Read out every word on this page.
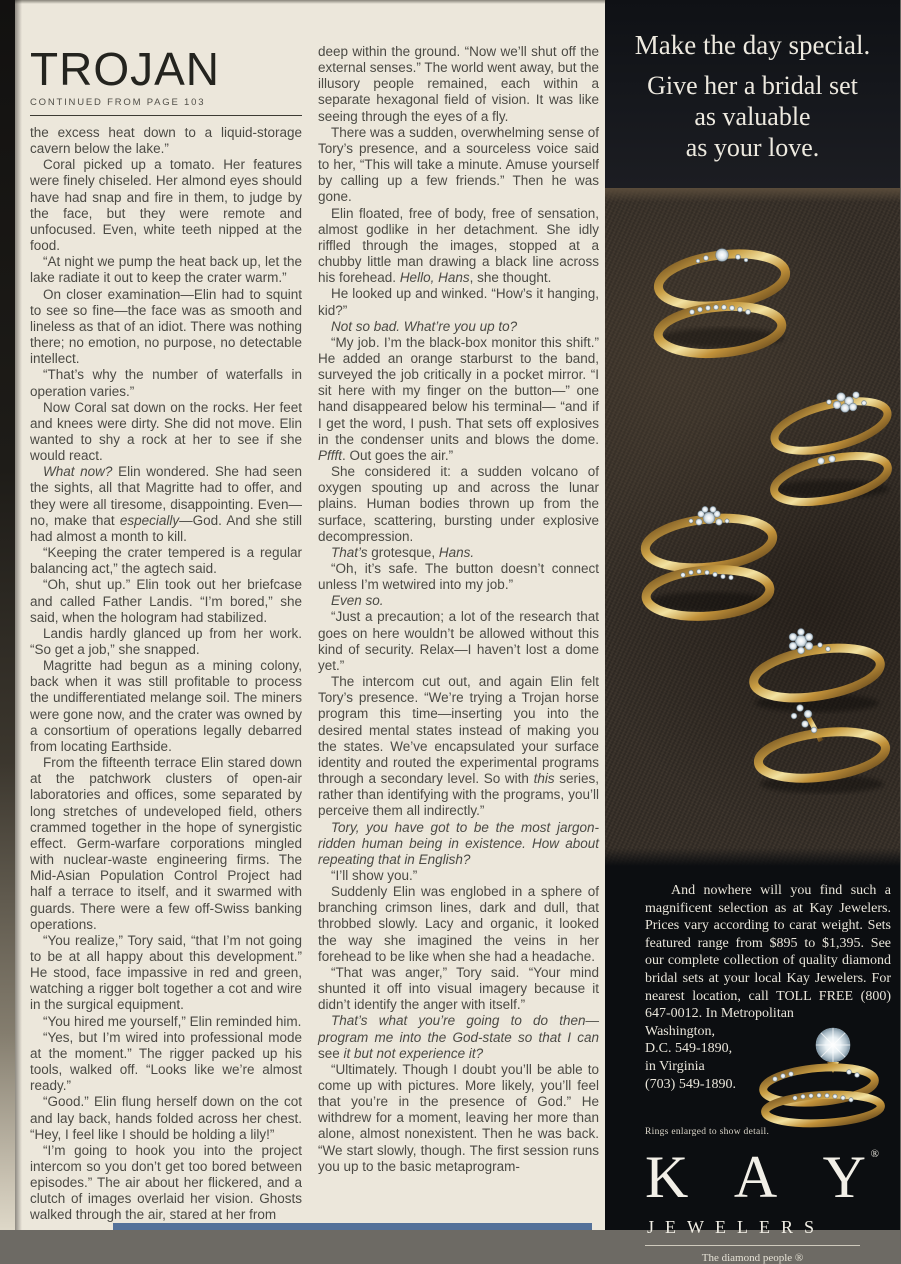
TROJAN
CONTINUED FROM PAGE 103

the excess heat down to a liquid-storage cavern below the lake.”

Coral picked up a tomato. Her features were finely chiseled. Her almond eyes should have had snap and fire in them, to judge by the face, but they were remote and unfocused. Even, white teeth nipped at the food.

“At night we pump the heat back up, let the lake radiate it out to keep the crater warm.”

On closer examination—Elin had to squint to see so fine—the face was as smooth and lineless as that of an idiot. There was nothing there; no emotion, no purpose, no detectable intellect.

“That’s why the number of waterfalls in operation varies.”

Now Coral sat down on the rocks. Her feet and knees were dirty. She did not move. Elin wanted to shy a rock at her to see if she would react.

What now? Elin wondered. She had seen the sights, all that Magritte had to offer, and they were all tiresome, disappointing. Even—no, make that especially—God. And she still had almost a month to kill.

“Keeping the crater tempered is a regular balancing act,” the agtech said.

“Oh, shut up.” Elin took out her briefcase and called Father Landis. “I’m bored,” she said, when the hologram had stabilized.

Landis hardly glanced up from her work. “So get a job,” she snapped.

Magritte had begun as a mining colony, back when it was still profitable to process the undifferentiated melange soil. The miners were gone now, and the crater was owned by a consortium of operations legally debarred from locating Earthside.

From the fifteenth terrace Elin stared down at the patchwork clusters of open-air laboratories and offices, some separated by long stretches of undeveloped field, others crammed together in the hope of synergistic effect. Germ-warfare corporations mingled with nuclear-waste engineering firms. The Mid-Asian Population Control Project had half a terrace to itself, and it swarmed with guards. There were a few off-Swiss banking operations.

“You realize,” Tory said, “that I’m not going to be at all happy about this development.” He stood, face impassive in red and green, watching a rigger bolt together a cot and wire in the surgical equipment.

“You hired me yourself,” Elin reminded him.

“Yes, but I’m wired into professional mode at the moment.” The rigger packed up his tools, walked off. “Looks like we’re almost ready.”

“Good.” Elin flung herself down on the cot and lay back, hands folded across her chest. “Hey, I feel like I should be holding a lily!”

“I’m going to hook you into the project intercom so you don’t get too bored between episodes.” The air about her flickered, and a clutch of images overlaid her vision. Ghosts walked through the air, stared at her from

deep within the ground. “Now we’ll shut off the external senses.” The world went away, but the illusory people remained, each within a separate hexagonal field of vision. It was like seeing through the eyes of a fly.

There was a sudden, overwhelming sense of Tory’s presence, and a sourceless voice said to her, “This will take a minute. Amuse yourself by calling up a few friends.” Then he was gone.

Elin floated, free of body, free of sensation, almost godlike in her detachment. She idly riffled through the images, stopped at a chubby little man drawing a black line across his forehead. Hello, Hans, she thought.

He looked up and winked. “How’s it hanging, kid?”

Not so bad. What’re you up to?

“My job. I’m the black-box monitor this shift.” He added an orange starburst to the band, surveyed the job critically in a pocket mirror. “I sit here with my finger on the button—” one hand disappeared below his terminal— “and if I get the word, I push. That sets off explosives in the condenser units and blows the dome. Pffft. Out goes the air.”

She considered it: a sudden volcano of oxygen spouting up and across the lunar plains. Human bodies thrown up from the surface, scattering, bursting under explosive decompression.

That’s grotesque, Hans.

“Oh, it’s safe. The button doesn’t connect unless I’m wetwired into my job.”

Even so.

“Just a precaution; a lot of the research that goes on here wouldn’t be allowed without this kind of security. Relax—I haven’t lost a dome yet.”

The intercom cut out, and again Elin felt Tory’s presence. “We’re trying a Trojan horse program this time—inserting you into the desired mental states instead of making you the states. We’ve encapsulated your surface identity and routed the experimental programs through a secondary level. So with this series, rather than identifying with the programs, you’ll perceive them all indirectly.”

Tory, you have got to be the most jargon-ridden human being in existence. How about repeating that in English?

“I’ll show you.”

Suddenly Elin was englobed in a sphere of branching crimson lines, dark and dull, that throbbed slowly. Lacy and organic, it looked the way she imagined the veins in her forehead to be like when she had a headache.

“That was anger,” Tory said. “Your mind shunted it off into visual imagery because it didn’t identify the anger with itself.”

That’s what you’re going to do then—program me into the God-state so that I can see it but not experience it?

“Ultimately. Though I doubt you’ll be able to come up with pictures. More likely, you’ll feel that you’re in the presence of God.” He withdrew for a moment, leaving her more than alone, almost nonexistent. Then he was back. “We start slowly, though. The first session runs you up to the basic metaprogram-

Make the day special.
Give her a bridal set
as valuable
as your love.

And nowhere will you find such a magnificent selection as at Kay Jewelers. Prices vary according to carat weight. Sets featured range from $895 to $1,395. See our complete collection of quality diamond bridal sets at your local Kay Jewelers. For nearest location, call TOLL FREE (800) 647-0012. In Metropolitan

Washington,
D.C. 549-1890,
in Virginia
(703) 549-1890.
Rings enlarged to show detail.
K A Y ®
JEWELERS
The diamond people ®
